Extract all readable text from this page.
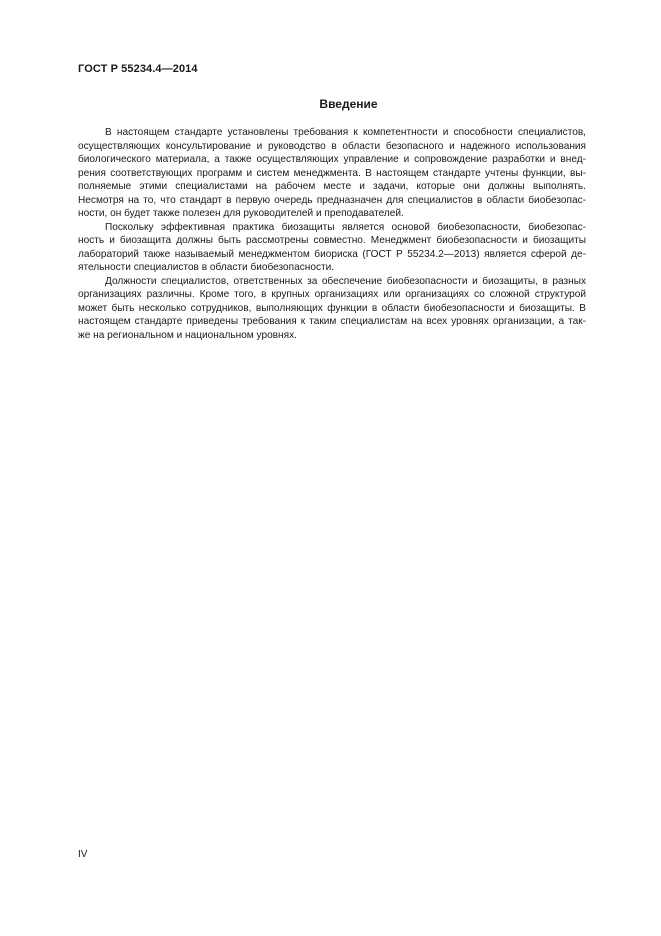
ГОСТ Р 55234.4—2014
Введение
В настоящем стандарте установлены требования к компетентности и способности специалистов,
осуществляющих консультирование и руководство в области безопасного и надежного использования
биологического материала, а также осуществляющих управление и сопровождение разработки и внед-
рения соответствующих программ и систем менеджмента. В настоящем стандарте учтены функции, вы-
полняемые этими специалистами на рабочем месте и задачи, которые они должны выполнять.
Несмотря на то, что стандарт в первую очередь предназначен для специалистов в области биобезопас-
ности, он будет также полезен для руководителей и преподавателей.
Поскольку эффективная практика биозащиты является основой биобезопасности, биобезопас-
ность и биозащита должны быть рассмотрены совместно. Менеджмент биобезопасности и биозащиты
лабораторий также называемый менеджментом биориска (ГОСТ Р 55234.2—2013) является сферой де-
ятельности специалистов в области биобезопасности.
Должности специалистов, ответственных за обеспечение биобезопасности и биозащиты, в разных
организациях различны. Кроме того, в крупных организациях или организациях со сложной структурой
может быть несколько сотрудников, выполняющих функции в области биобезопасности и биозащиты. В
настоящем стандарте приведены требования к таким специалистам на всех уровнях организации, а так-
же на региональном и национальном уровнях.
IV
